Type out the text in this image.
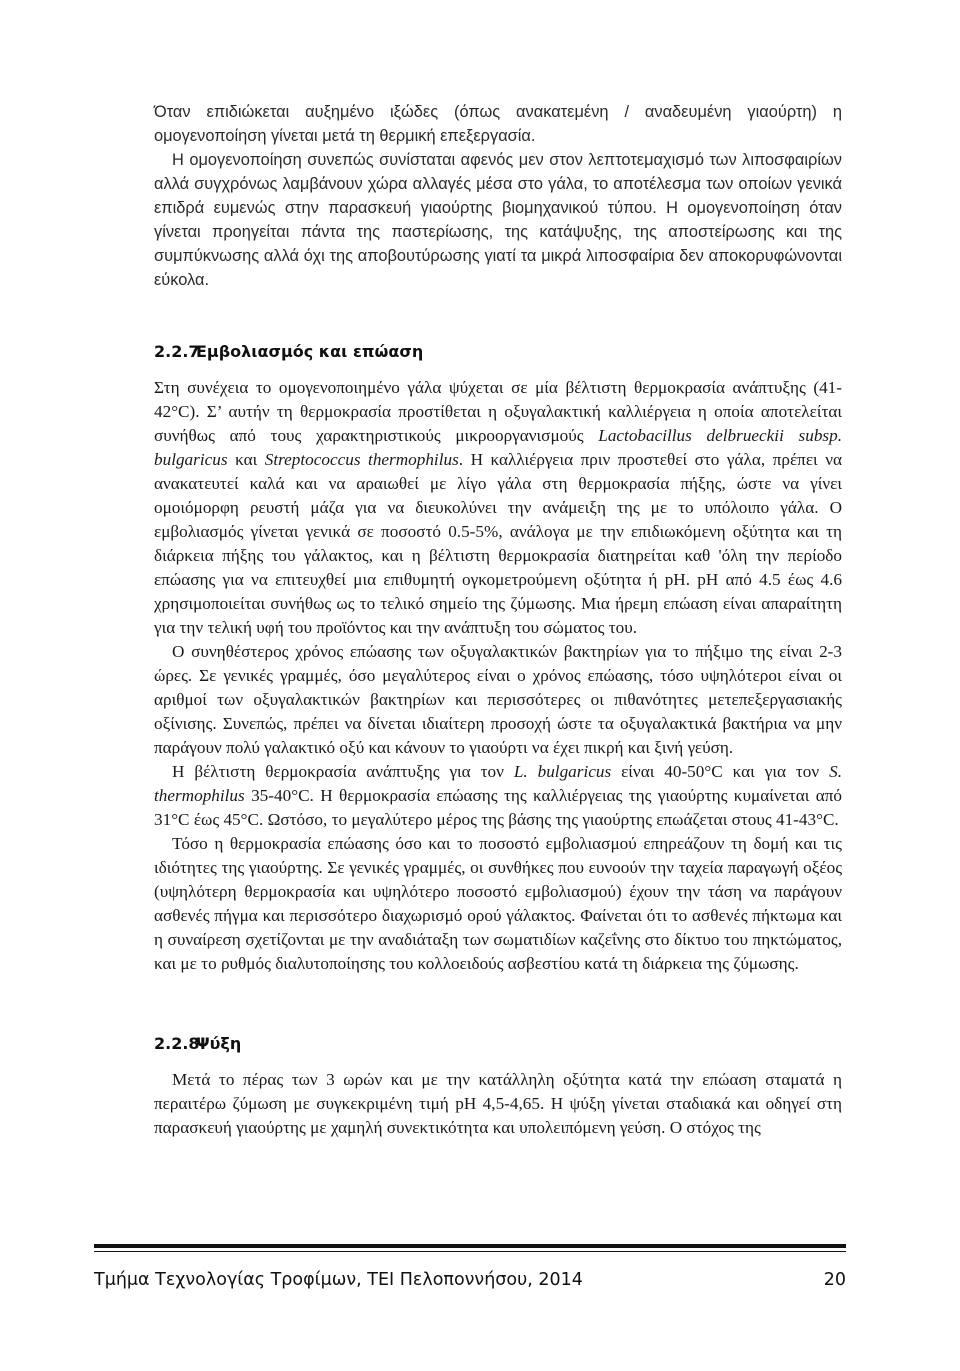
Όταν επιδιώκεται αυξημένο ιξώδες (όπως ανακατεμένη / αναδευμένη γιαούρτη) η ομογενοποίηση γίνεται μετά τη θερμική επεξεργασία.

Η ομογενοποίηση συνεπώς συνίσταται αφενός μεν στον λεπτοτεμαχισμό των λιποσφαιρίων αλλά συγχρόνως λαμβάνουν χώρα αλλαγές μέσα στο γάλα, το αποτέλεσμα των οποίων γενικά επιδρά ευμενώς στην παρασκευή γιαούρτης βιομηχανικού τύπου. Η ομογενοποίηση όταν γίνεται προηγείται πάντα της παστερίωσης, της κατάψυξης, της αποστείρωσης και της συμπύκνωσης αλλά όχι της αποβουτύρωσης γιατί τα μικρά λιποσφαίρια δεν αποκορυφώνονται εύκολα.

2.2.7Εμβολιασμός και επώαση

Στη συνέχεια το ομογενοποιημένο γάλα ψύχεται σε μία βέλτιστη θερμοκρασία ανάπτυξης (41-42°C). Σ’ αυτήν τη θερμοκρασία προστίθεται η οξυγαλακτική καλλιέργεια η οποία αποτελείται συνήθως από τους χαρακτηριστικούς μικροοργανισμούς Lactobacillus delbrueckii subsp. bulgaricus και Streptococcus thermophilus. Η καλλιέργεια πριν προστεθεί στο γάλα, πρέπει να ανακατευτεί καλά και να αραιωθεί με λίγο γάλα στη θερμοκρασία πήξης, ώστε να γίνει ομοιόμορφη ρευστή μάζα για να διευκολύνει την ανάμειξη της με το υπόλοιπο γάλα. Ο εμβολιασμός γίνεται γενικά σε ποσοστό 0.5-5%, ανάλογα με την επιδιωκόμενη οξύτητα και τη διάρκεια πήξης του γάλακτος, και η βέλτιστη θερμοκρασία διατηρείται καθ 'όλη την περίοδο επώασης για να επιτευχθεί μια επιθυμητή ογκομετρούμενη οξύτητα ή pH. pH από 4.5 έως 4.6 χρησιμοποιείται συνήθως ως το τελικό σημείο της ζύμωσης. Μια ήρεμη επώαση είναι απαραίτητη για την τελική υφή του προϊόντος και την ανάπτυξη του σώματος του.

Ο συνηθέστερος χρόνος επώασης των οξυγαλακτικών βακτηρίων για το πήξιμο της είναι 2-3 ώρες. Σε γενικές γραμμές, όσο μεγαλύτερος είναι ο χρόνος επώασης, τόσο υψηλότεροι είναι οι αριθμοί των οξυγαλακτικών βακτηρίων και περισσότερες οι πιθανότητες μετεπεξεργασιακής οξίνισης. Συνεπώς, πρέπει να δίνεται ιδιαίτερη προσοχή ώστε τα οξυγαλακτικά βακτήρια να μην παράγουν πολύ γαλακτικό οξύ και κάνουν το γιαούρτι να έχει πικρή και ξινή γεύση.

Η βέλτιστη θερμοκρασία ανάπτυξης για τον L. bulgaricus είναι 40-50°C και για τον S. thermophilus 35-40°C. Η θερμοκρασία επώασης της καλλιέργειας της γιαούρτης κυμαίνεται από 31°C έως 45°C. Ωστόσο, το μεγαλύτερο μέρος της βάσης της γιαούρτης επωάζεται στους 41-43°C.

Τόσο η θερμοκρασία επώασης όσο και το ποσοστό εμβολιασμού επηρεάζουν τη δομή και τις ιδιότητες της γιαούρτης. Σε γενικές γραμμές, οι συνθήκες που ευνοούν την ταχεία παραγωγή οξέος (υψηλότερη θερμοκρασία και υψηλότερο ποσοστό εμβολιασμού) έχουν την τάση να παράγουν ασθενές πήγμα και περισσότερο διαχωρισμό ορού γάλακτος. Φαίνεται ότι το ασθενές πήκτωμα και η συναίρεση σχετίζονται με την αναδιάταξη των σωματιδίων καζεΐνης στο δίκτυο του πηκτώματος, και με το ρυθμός διαλυτοποίησης του κολλοειδούς ασβεστίου κατά τη διάρκεια της ζύμωσης.

2.2.8Ψύξη

Μετά το πέρας των 3 ωρών και με την κατάλληλη οξύτητα κατά την επώαση σταματά η περαιτέρω ζύμωση με συγκεκριμένη τιμή pH 4,5-4,65. Η ψύξη γίνεται σταδιακά και οδηγεί στη παρασκευή γιαούρτης με χαμηλή συνεκτικότητα και υπολειπόμενη γεύση. Ο στόχος της

Τμήμα Τεχνολογίας Τροφίμων, ΤΕΙ Πελοποννήσου, 2014	20
